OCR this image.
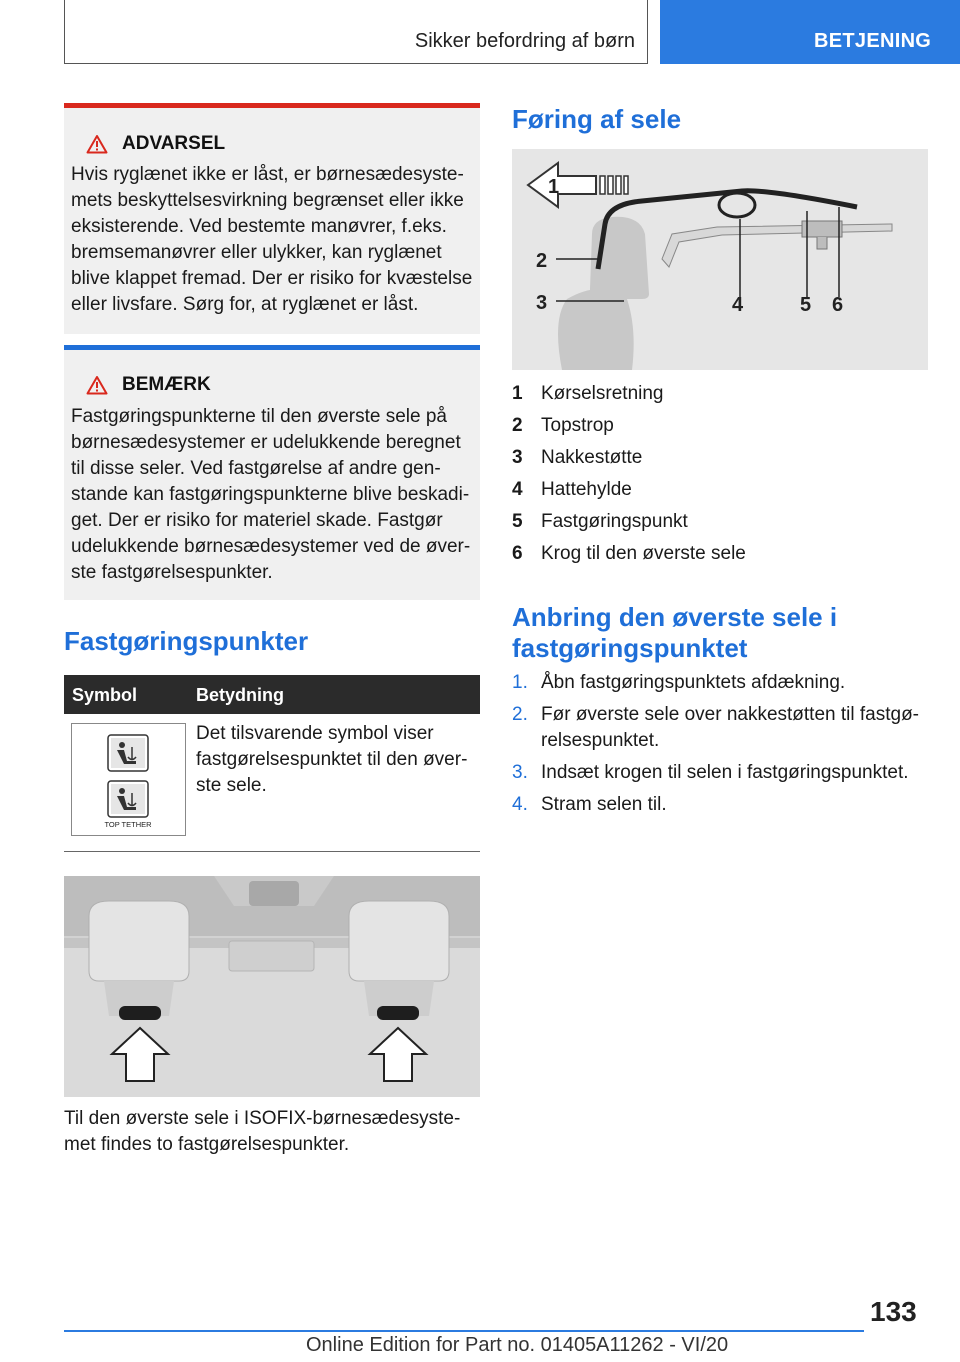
Sikker befordring af børn	BETJENING
ADVARSEL
Hvis ryglænet ikke er låst, er børnesædesyste-
mets beskyttelsesvirkning begrænset eller ikke
eksisterende. Ved bestemte manøvrer, f.eks.
bremsemanøvrer eller ulykker, kan ryglænet
blive klappet fremad. Der er risiko for kvæstelse
eller livsfare. Sørg for, at ryglænet er låst.
BEMÆRK
Fastgøringspunkterne til den øverste sele på
børnesædesystemer er udelukkende beregnet
til disse seler. Ved fastgørelse af andre gen-
stande kan fastgøringspunkterne blive beskadi-
get. Der er risiko for materiel skade. Fastgør
udelukkende børnesædesystemer ved de øver-
ste fastgørelsespunkter.
Fastgøringspunkter
Symbol	Betydning
TOP TETHER
Det tilsvarende symbol viser
fastgørelsespunktet til den øver-
ste sele.
Til den øverste sele i ISOFIX-børnesædesyste-
met findes to fastgørelsespunkter.
Føring af sele
1
2
3	4	5 6
1 Kørselsretning
2 Topstrop
3 Nakkestøtte
4 Hattehylde
5 Fastgøringspunkt
6 Krog til den øverste sele
Anbring den øverste sele i
fastgøringspunktet
1. Åbn fastgøringspunktets afdækning.
2. Før øverste sele over nakkestøtten til fastgø-
relsespunktet.
3. Indsæt krogen til selen i fastgøringspunktet.
4. Stram selen til.
133
Online Edition for Part no. 01405A11262 - VI/20
